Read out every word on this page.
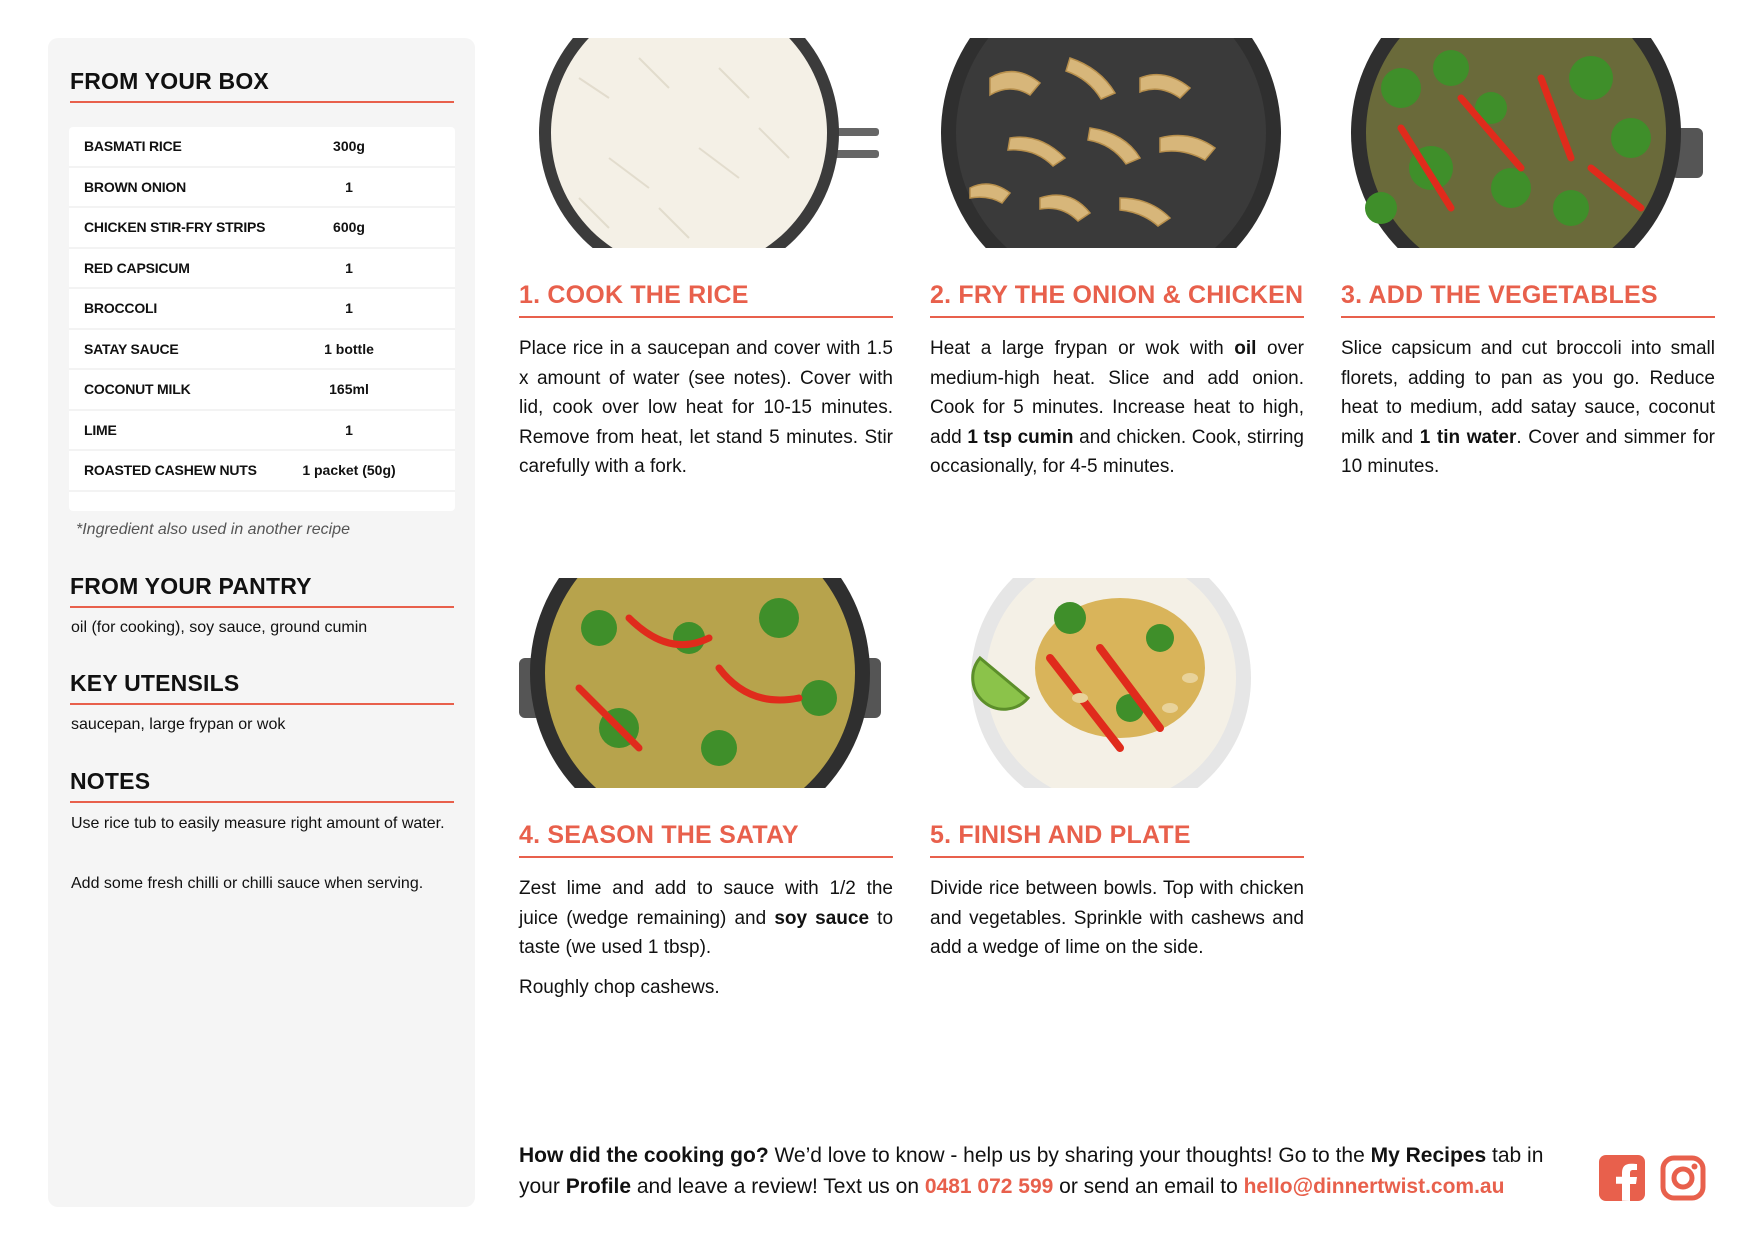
FROM YOUR BOX
BASMATI RICE	300g
BROWN ONION	1
CHICKEN STIR-FRY STRIPS	600g
RED CAPSICUM	1
BROCCOLI	1
SATAY SAUCE	1 bottle
COCONUT MILK	165ml
LIME	1
ROASTED CASHEW NUTS	1 packet (50g)
*Ingredient also used in another recipe
FROM YOUR PANTRY
oil (for cooking), soy sauce, ground cumin
KEY UTENSILS
saucepan, large frypan or wok
NOTES
Use rice tub to easily measure right amount of water.
Add some fresh chilli or chilli sauce when serving.
1. COOK THE RICE

Place rice in a saucepan and cover with 1.5 x amount of water (see notes). Cover with lid, cook over low heat for 10-15 minutes. Remove from heat, let stand 5 minutes. Stir carefully with a fork.

2. FRY THE ONION & CHICKEN

Heat a large frypan or wok with oil over medium-high heat. Slice and add onion. Cook for 5 minutes. Increase heat to high, add 1 tsp cumin and chicken. Cook, stirring occasionally, for 4-5 minutes.

3. ADD THE VEGETABLES

Slice capsicum and cut broccoli into small florets, adding to pan as you go. Reduce heat to medium, add satay sauce, coconut milk and 1 tin water. Cover and simmer for 10 minutes.

4. SEASON THE SATAY

Zest lime and add to sauce with 1/2 the juice (wedge remaining) and soy sauce to taste (we used 1 tbsp).

Roughly chop cashews.

5. FINISH AND PLATE

Divide rice between bowls. Top with chicken and vegetables. Sprinkle with cashews and add a wedge of lime on the side.

How did the cooking go? We’d love to know - help us by sharing your thoughts! Go to the My Recipes tab in your Profile and leave a review! Text us on 0481 072 599 or send an email to hello@dinnertwist.com.au
